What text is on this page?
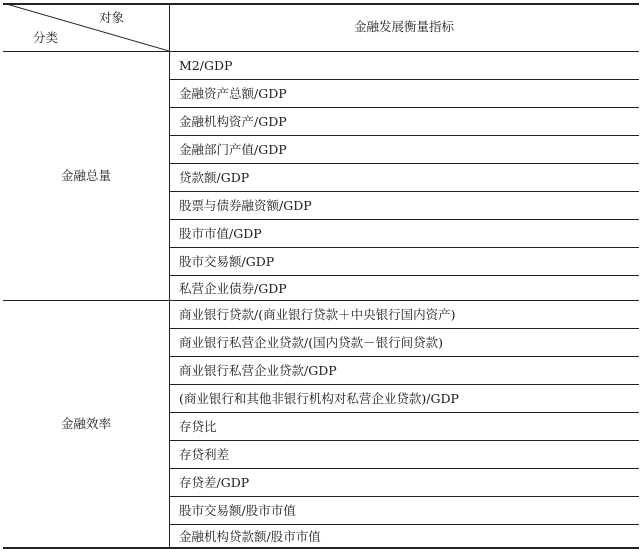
对象
分类
金融发展衡量指标
金融总量
M2/GDP
金融资产总额/GDP
金融机构资产/GDP
金融部门产值/GDP
贷款额/GDP
股票与债券融资额/GDP
股市市值/GDP
股市交易额/GDP
私营企业债券/GDP
金融效率
商业银行贷款/(商业银行贷款＋中央银行国内资产)
商业银行私营企业贷款/(国内贷款－银行间贷款)
商业银行私营企业贷款/GDP
(商业银行和其他非银行机构对私营企业贷款)/GDP
存贷比
存贷利差
存贷差/GDP
股市交易额/股市市值
金融机构贷款额/股市市值
